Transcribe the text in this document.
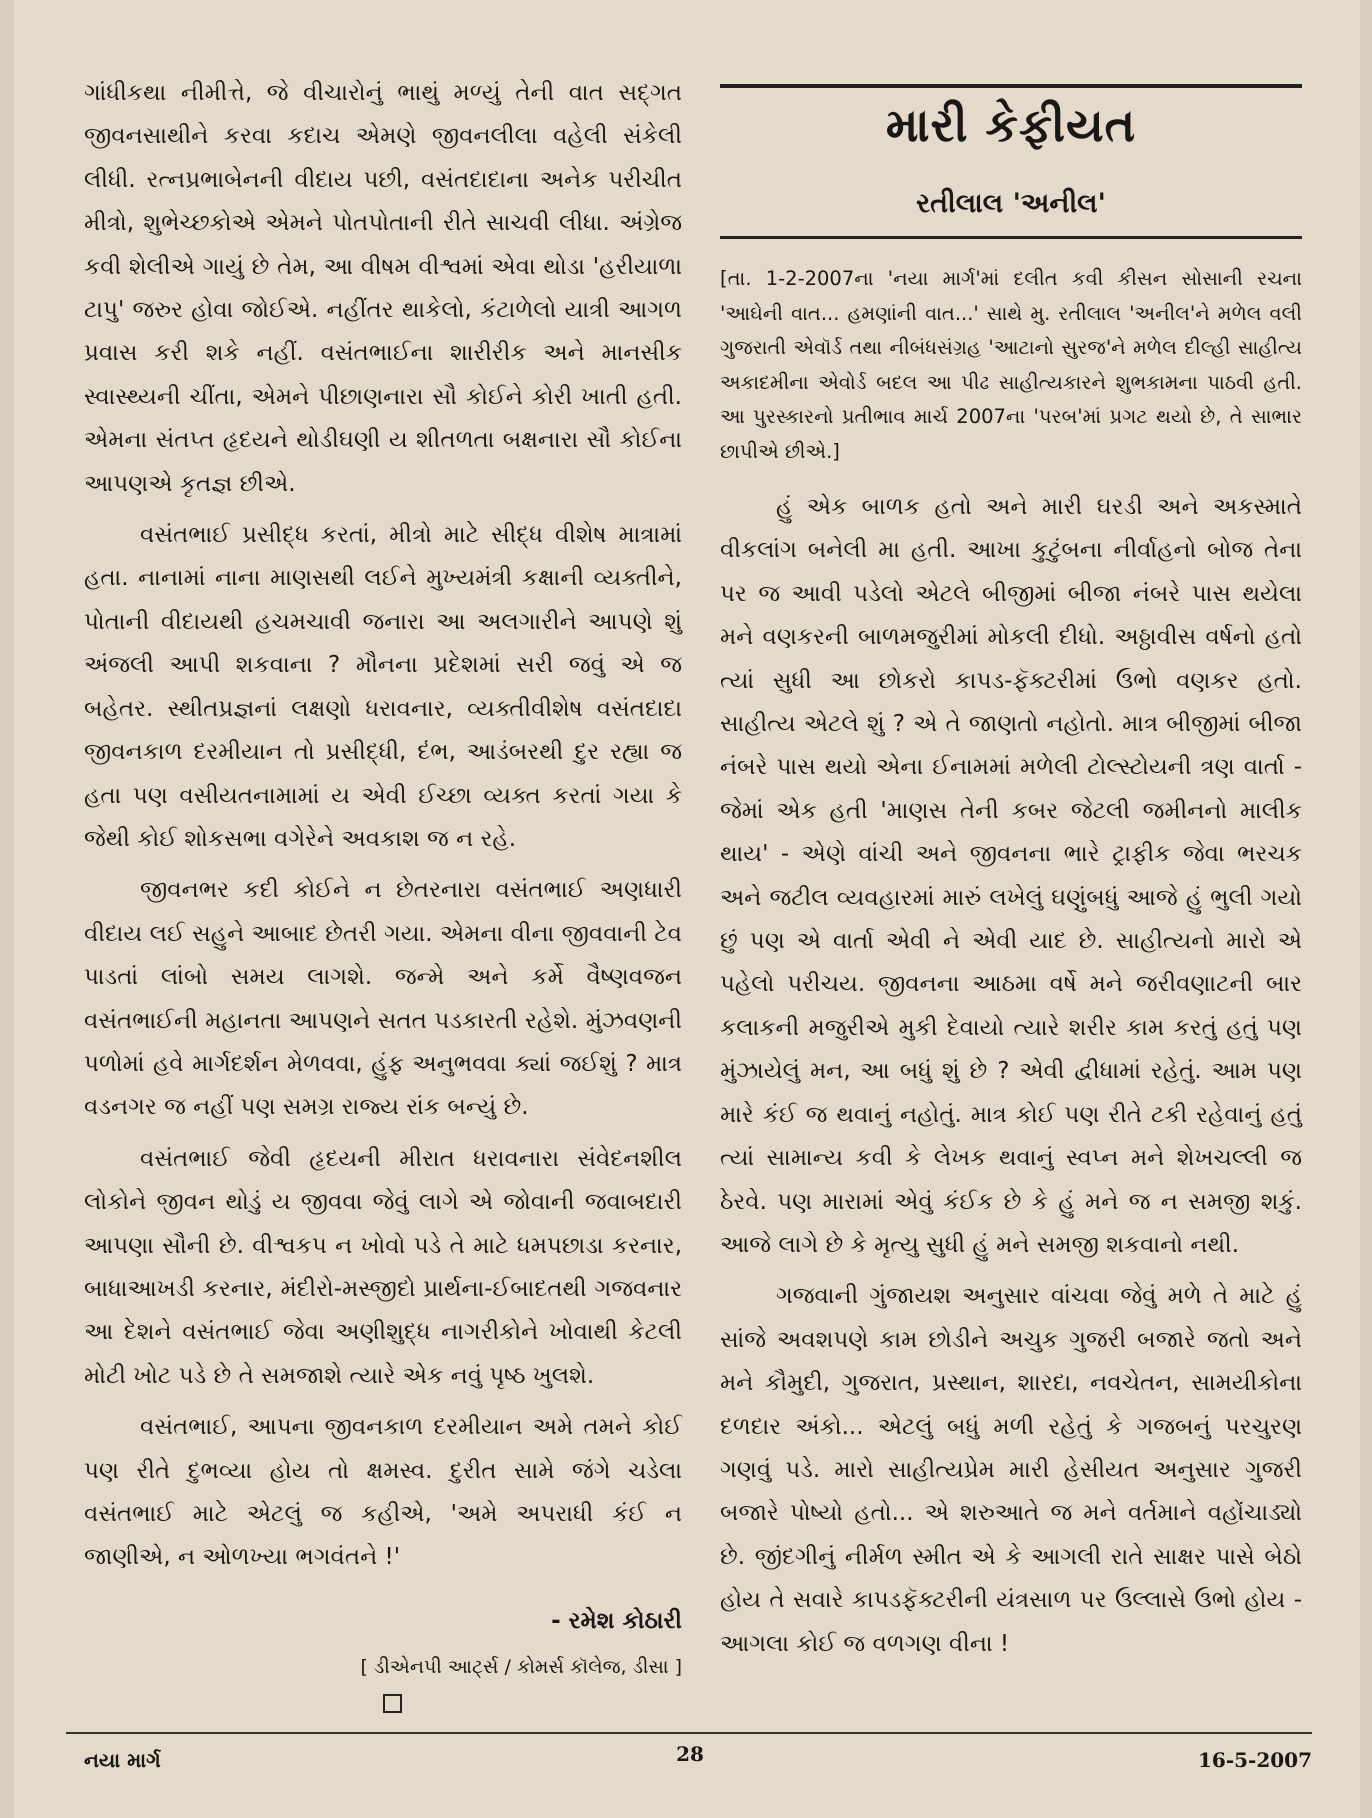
ગાંધીકથા નીમીત્તે, જે વીચારોનું ભાથું મળ્યું તેની વાત સદ્ગત જીવનસાથીને કરવા કદાચ એમણે જીવનલીલા વહેલી સંકેલી લીધી. રત્નપ્રભાબેનની વીદાય પછી, વસંતદાદાના અનેક પરીચીત મીત્રો, શુભેચ્છકોએ એમને પોતપોતાની રીતે સાચવી લીધા. અંગ્રેજ કવી શેલીએ ગાયું છે તેમ, આ વીષમ વીશ્વમાં એવા થોડા 'હરીયાળા ટાપુ' જરુર હોવા જોઈએ. નહીંતર થાકેલો, કંટાળેલો યાત્રી આગળ પ્રવાસ કરી શકે નહીં. વસંતભાઈના શારીરીક અને માનસીક સ્વાસ્થ્યની ચીંતા, એમને પીછાણનારા સૌ કોઈને કોરી ખાતી હતી. એમના સંતપ્ત હૃદયને થોડીઘણી ય શીતળતા બક્ષનારા સૌ કોઈના આપણએ કૃતજ્ઞ છીએ.

વસંતભાઈ પ્રસીદ્ધ કરતાં, મીત્રો માટે સીદ્ધ વીશેષ માત્રામાં હતા. નાનામાં નાના માણસથી લઈને મુખ્યમંત્રી કક્ષાની વ્યક્તીને, પોતાની વીદાયથી હચમચાવી જનારા આ અલગારીને આપણે શું અંજલી આપી શકવાના ? મૌનના પ્રદેશમાં સરી જવું એ જ બહેતર. સ્થીતપ્રજ્ઞનાં લક્ષણો ધરાવનાર, વ્યક્તીવીશેષ વસંતદાદા જીવનકાળ દરમીયાન તો પ્રસીદ્ધી, દંભ, આડંબરથી દુર રહ્યા જ હતા પણ વસીયતનામામાં ય એવી ઈચ્છા વ્યક્ત કરતાં ગયા કે જેથી કોઈ શોકસભા વગેરેને અવકાશ જ ન રહે.

જીવનભર કદી કોઈને ન છેતરનારા વસંતભાઈ અણધારી વીદાય લઈ સહુને આબાદ છેતરી ગયા. એમના વીના જીવવાની ટેવ પાડતાં લાંબો સમય લાગશે. જન્મે અને કર્મે વૈષ્ણવજન વસંતભાઈની મહાનતા આપણને સતત પડકારતી રહેશે. મુંઝવણની પળોમાં હવે માર્ગદર્શન મેળવવા, હુંફ અનુભવવા ક્યાં જઈશું ? માત્ર વડનગર જ નહીં પણ સમગ્ર રાજ્ય રાંક બન્યું છે.

વસંતભાઈ જેવી હૃદયની મીરાત ધરાવનારા સંવેદનશીલ લોકોને જીવન થોડું ય જીવવા જેવું લાગે એ જોવાની જવાબદારી આપણા સૌની છે. વીશ્વકપ ન ખોવો પડે તે માટે ધમપછાડા કરનાર, બાધાઆખડી કરનાર, મંદીરો-મસ્જીદો પ્રાર્થના-ઈબાદતથી ગજવનાર આ દેશને વસંતભાઈ જેવા અણીશુદ્ધ નાગરીકોને ખોવાથી કેટલી મોટી ખોટ પડે છે તે સમજાશે ત્યારે એક નવું પૃષ્ઠ ખુલશે.

વસંતભાઈ, આપના જીવનકાળ દરમીયાન અમે તમને કોઈ પણ રીતે દુભવ્યા હોય તો ક્ષમસ્વ. દુરીત સામે જંગે ચડેલા વસંતભાઈ માટે એટલું જ કહીએ, 'અમે અપરાધી કંઈ ન જાણીએ, ન ઓળખ્યા ભગવંતને !'

- રમેશ કોઠારી
[ ડીએનપી આર્ટ્સ / કોમર્સ કૉલેજ, ડીસા ]
મારી કેફીયત
રતીલાલ 'અનીલ'
[તા. 1-2-2007ના 'નયા માર્ગ'માં દલીત કવી કીસન સોસાની રચના 'આઘેની વાત... હમણાંની વાત...' સાથે મુ. રતીલાલ 'અનીલ'ને મળેલ વલી ગુજરાતી એવૉર્ડ તથા નીબંધસંગ્રહ 'આટાનો સુરજ'ને મળેલ દીલ્હી સાહીત્ય અકાદમીના એવોર્ડ બદલ આ પીઢ સાહીત્યકારને શુભકામના પાઠવી હતી. આ પુરસ્કારનો પ્રતીભાવ માર્ચ 2007ના 'પરબ'માં પ્રગટ થયો છે, તે સાભાર છાપીએ છીએ.]

હું એક બાળક હતો અને મારી ઘરડી અને અકસ્માતે વીકલાંગ બનેલી મા હતી. આખા કુટુંબના નીર્વાહનો બોજ તેના પર જ આવી પડેલો એટલે બીજીમાં બીજા નંબરે પાસ થયેલા મને વણકરની બાળમજુરીમાં મોકલી દીધો. અઠ્ઠાવીસ વર્ષનો હતો ત્યાં સુધી આ છોકરો કાપડ-ફૅક્ટરીમાં ઉભો વણકર હતો. સાહીત્ય એટલે શું ? એ તે જાણતો નહોતો. માત્ર બીજીમાં બીજા નંબરે પાસ થયો એના ઈનામમાં મળેલી ટોલ્સ્ટોયની ત્રણ વાર્તા - જેમાં એક હતી 'માણસ તેની કબર જેટલી જમીનનો માલીક થાય' - એણે વાંચી અને જીવનના ભારે ટ્રાફીક જેવા ભરચક અને જટીલ વ્યવહારમાં મારું લખેલું ઘણુંબધું આજે હું ભુલી ગયો છું પણ એ વાર્તા એવી ને એવી યાદ છે. સાહીત્યનો મારો એ પહેલો પરીચય. જીવનના આઠમા વર્ષે મને જરીવણાટની બાર કલાકની મજુરીએ મુકી દેવાયો ત્યારે શરીર કામ કરતું હતું પણ મુંઝાયેલું મન, આ બધું શું છે ? એવી દ્વીધામાં રહેતું. આમ પણ મારે કંઈ જ થવાનું નહોતું. માત્ર કોઈ પણ રીતે ટકી રહેવાનું હતું ત્યાં સામાન્ય કવી કે લેખક થવાનું સ્વપ્ન મને શેખચલ્લી જ ઠેરવે. પણ મારામાં એવું કંઈક છે કે હું મને જ ન સમજી શકું. આજે લાગે છે કે મૃત્યુ સુધી હું મને સમજી શકવાનો નથી.

ગજવાની ગુંજાયશ અનુસાર વાંચવા જેવું મળે તે માટે હું સાંજે અવશપણે કામ છોડીને અચુક ગુજરી બજારે જતો અને મને કૌમુદી, ગુજરાત, પ્રસ્થાન, શારદા, નવચેતન, સામયીકોના દળદાર અંકો... એટલું બધું મળી રહેતું કે ગજબનું પરચુરણ ગણવું પડે. મારો સાહીત્યપ્રેમ મારી હેસીયત અનુસાર ગુજરી બજારે પોષ્યો હતો... એ શરુઆતે જ મને વર્તમાને વહોંચાડ્યો છે. જીંદગીનું નીર્મળ સ્મીત એ કે આગલી રાતે સાક્ષર પાસે બેઠો હોય તે સવારે કાપડફૅક્ટરીની યંત્રસાળ પર ઉલ્લાસે ઉભો હોય - આગલા કોઈ જ વળગણ વીના !

નયા માર્ગ	28	16-5-2007
